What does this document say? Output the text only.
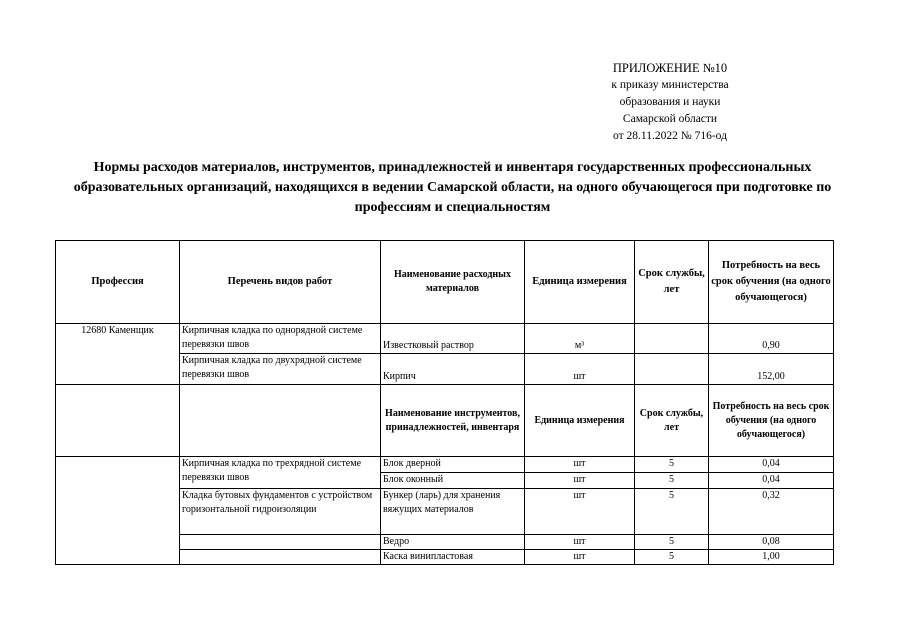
ПРИЛОЖЕНИЕ №10
к приказу министерства
образования и науки
Самарской области
от 28.11.2022 № 716-од
Нормы расходов материалов, инструментов, принадлежностей и инвентаря государственных профессиональных образовательных организаций, находящихся в ведении Самарской области, на одного обучающегося при подготовке по профессиям и специальностям
Профессия	Перечень видов работ	Наименование расходных материалов	Единица измерения	Срок службы, лет	Потребность на весь срок обучения (на одного обучающегося)
12680 Каменщик	Кирпичная кладка по однорядной системе перевязки швов	Известковый раствор	м³		0,90
	Кирпичная кладка по двухрядной системе перевязки швов	Кирпич	шт		152,00
		Наименование инструментов, принадлежностей, инвентаря	Единица измерения	Срок службы, лет	Потребность на весь срок обучения (на одного обучающегося)
	Кирпичная кладка по трехрядной системе перевязки швов	Блок дверной	шт	5	0,04
		Блок оконный	шт	5	0,04
	Кладка бутовых фундаментов с устройством горизонтальной гидроизоляции	Бункер (ларь) для хранения вяжущих материалов	шт	5	0,32
		Ведро	шт	5	0,08
		Каска винипластовая	шт	5	1,00
